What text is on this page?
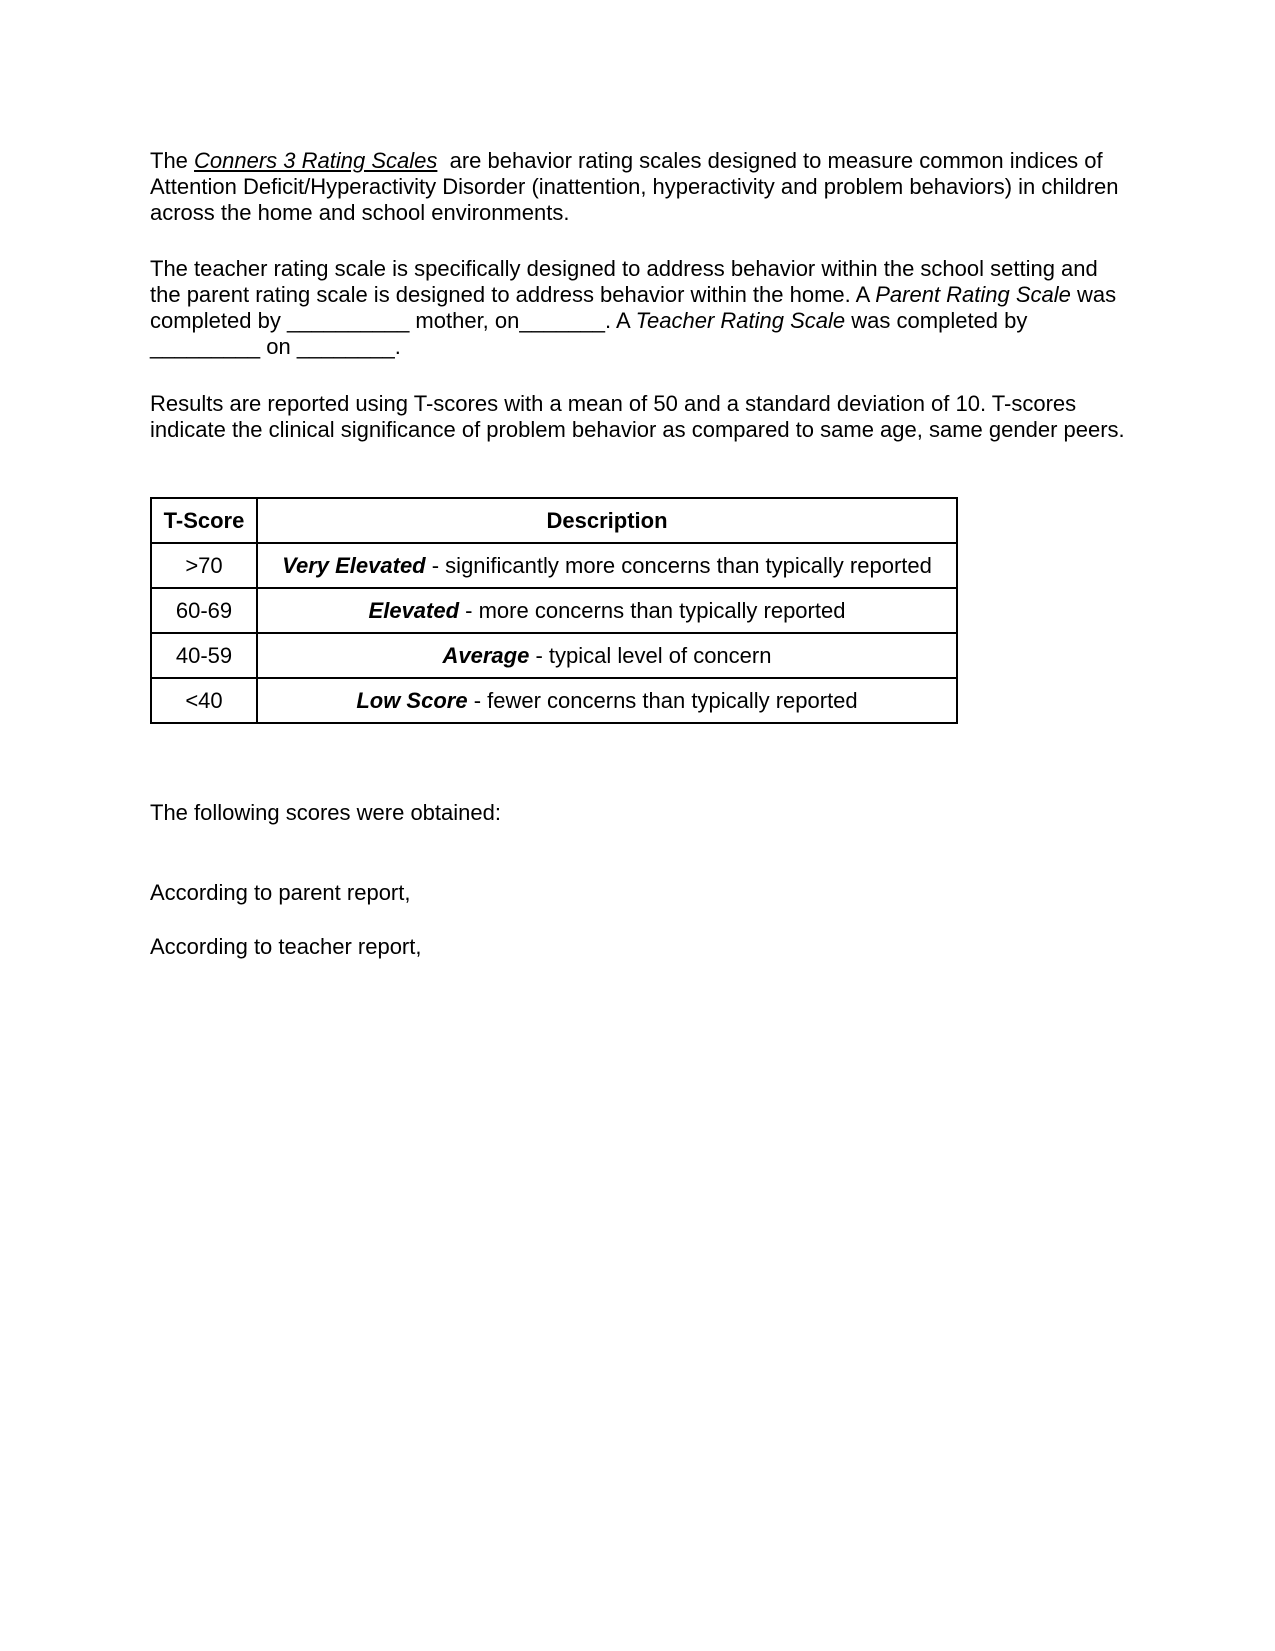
The Conners 3 Rating Scales  are behavior rating scales designed to measure common indices of Attention Deficit/Hyperactivity Disorder (inattention, hyperactivity and problem behaviors) in children across the home and school environments.

The teacher rating scale is specifically designed to address behavior within the school setting and the parent rating scale is designed to address behavior within the home. A Parent Rating Scale was completed by __________ mother, on_______. A Teacher Rating Scale was completed by _________ on ________.

Results are reported using T-scores with a mean of 50 and a standard deviation of 10. T-scores indicate the clinical significance of problem behavior as compared to same age, same gender peers.

T-Score	Description
>70	Very Elevated - significantly more concerns than typically reported
60-69	Elevated - more concerns than typically reported
40-59	Average - typical level of concern
<40	Low Score - fewer concerns than typically reported
The following scores were obtained:
According to parent report,
According to teacher report,
